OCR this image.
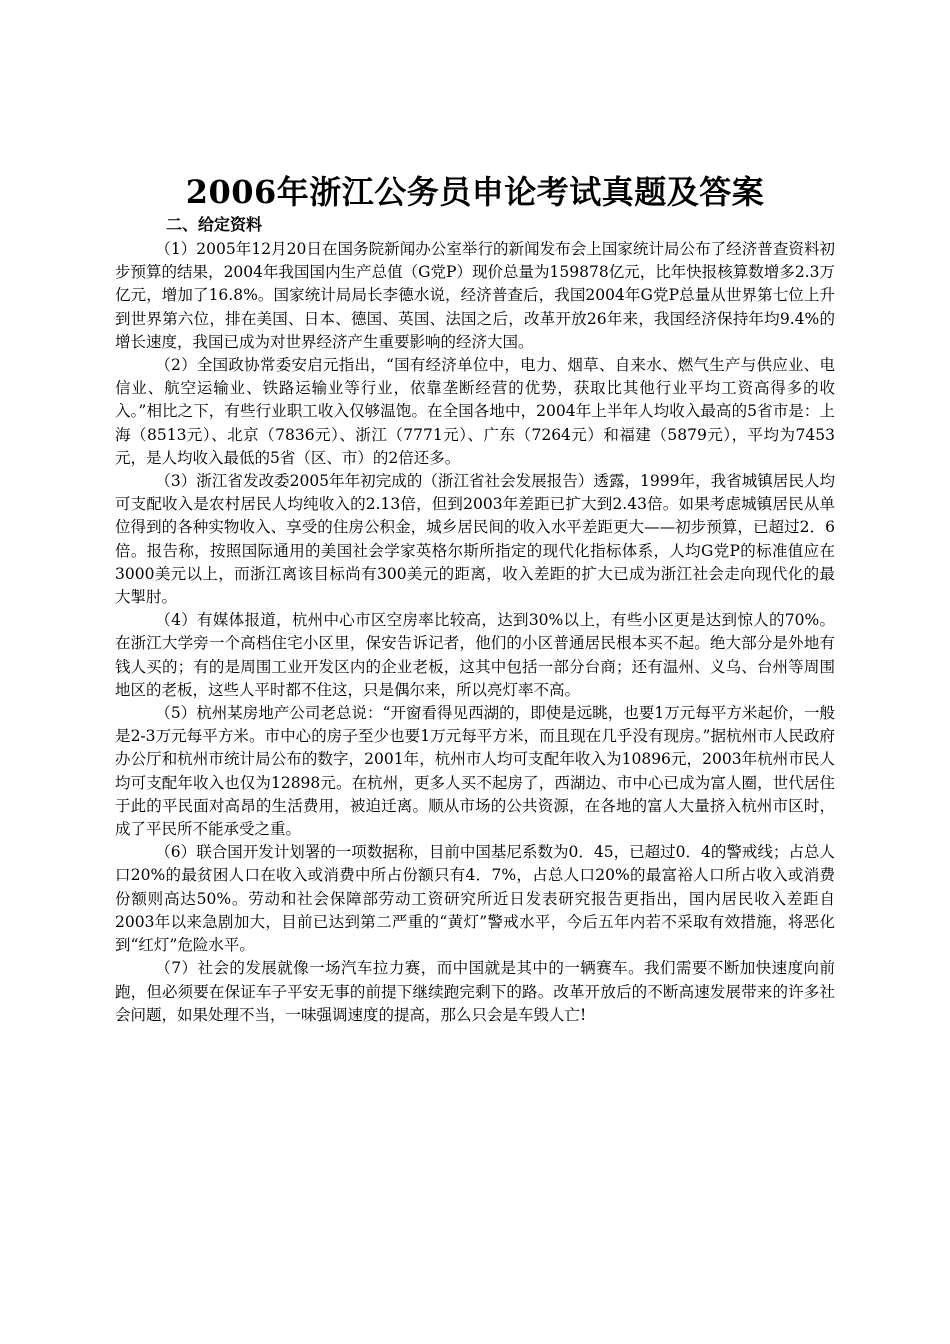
2006年浙江公务员申论考试真题及答案
二、给定资料

（1）2005年12月20日在国务院新闻办公室举行的新闻发布会上国家统计局公布了经济普查资料初步预算的结果，2004年我国国内生产总值（G党P）现价总量为159878亿元，比年快报核算数增多2.3万亿元，增加了16.8%。国家统计局局长李德水说，经济普查后，我国2004年G党P总量从世界第七位上升到世界第六位，排在美国、日本、德国、英国、法国之后，改革开放26年来，我国经济保持年均9.4%的增长速度，我国已成为对世界经济产生重要影响的经济大国。

（2）全国政协常委安启元指出，“国有经济单位中，电力、烟草、自来水、燃气生产与供应业、电信业、航空运输业、铁路运输业等行业，依靠垄断经营的优势，获取比其他行业平均工资高得多的收入。”相比之下，有些行业职工收入仅够温饱。在全国各地中，2004年上半年人均收入最高的5省市是：上海（8513元）、北京（7836元）、浙江（7771元）、广东（7264元）和福建（5879元），平均为7453元，是人均收入最低的5省（区、市）的2倍还多。

（3）浙江省发改委2005年年初完成的（浙江省社会发展报告）透露，1999年，我省城镇居民人均可支配收入是农村居民人均纯收入的2.13倍，但到2003年差距已扩大到2.43倍。如果考虑城镇居民从单位得到的各种实物收入、享受的住房公积金，城乡居民间的收入水平差距更大——初步预算，已超过2．6倍。报告称，按照国际通用的美国社会学家英格尔斯所指定的现代化指标体系，人均G党P的标准值应在3000美元以上，而浙江离该目标尚有300美元的距离，收入差距的扩大已成为浙江社会走向现代化的最大掣肘。

（4）有媒体报道，杭州中心市区空房率比较高，达到30%以上，有些小区更是达到惊人的70%。在浙江大学旁一个高档住宅小区里，保安告诉记者，他们的小区普通居民根本买不起。绝大部分是外地有钱人买的；有的是周围工业开发区内的企业老板，这其中包括一部分台商；还有温州、义乌、台州等周围地区的老板，这些人平时都不住这，只是偶尔来，所以亮灯率不高。

（5）杭州某房地产公司老总说：“开窗看得见西湖的，即使是远眺，也要1万元每平方米起价，一般是2-3万元每平方米。市中心的房子至少也要1万元每平方米，而且现在几乎没有现房。”据杭州市人民政府办公厅和杭州市统计局公布的数字，2001年，杭州市人均可支配年收入为10896元，2003年杭州市民人均可支配年收入也仅为12898元。在杭州，更多人买不起房了，西湖边、市中心已成为富人圈，世代居住于此的平民面对高昂的生活费用，被迫迁离。顺从市场的公共资源，在各地的富人大量挤入杭州市区时，成了平民所不能承受之重。

（6）联合国开发计划署的一项数据称，目前中国基尼系数为0．45，已超过0．4的警戒线；占总人口20%的最贫困人口在收入或消费中所占份额只有4．7%，占总人口20%的最富裕人口所占收入或消费份额则高达50%。劳动和社会保障部劳动工资研究所近日发表研究报告更指出，国内居民收入差距自2003年以来急剧加大，目前已达到第二严重的“黄灯”警戒水平，今后五年内若不采取有效措施，将恶化到“红灯”危险水平。

（7）社会的发展就像一场汽车拉力赛，而中国就是其中的一辆赛车。我们需要不断加快速度向前跑，但必须要在保证车子平安无事的前提下继续跑完剩下的路。改革开放后的不断高速发展带来的许多社会问题，如果处理不当，一味强调速度的提高，那么只会是车毁人亡!
